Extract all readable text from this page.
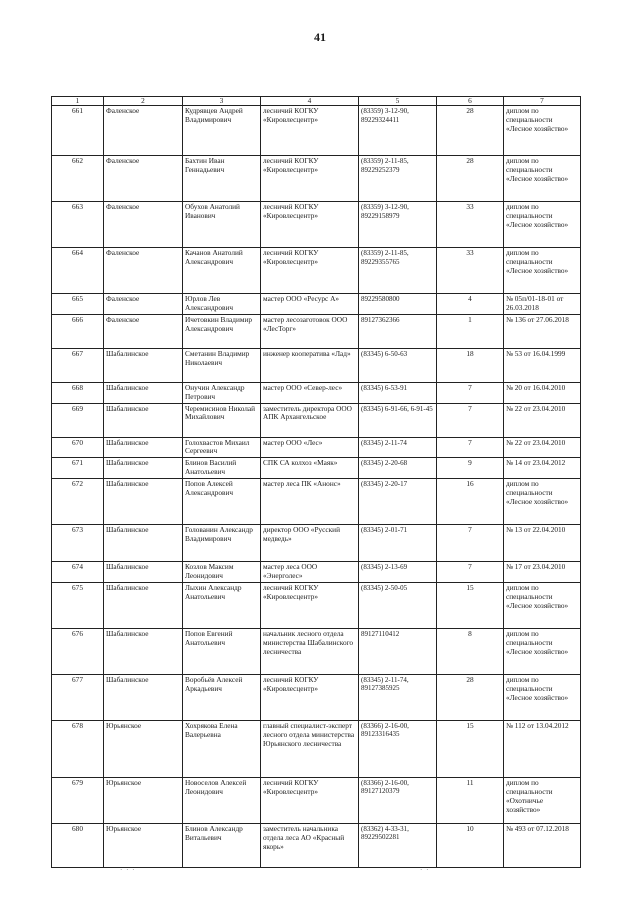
41
1	2	3	4	5	6	7
661	Фаленское	Кудрявцев Андрей Владимирович	лесничий КОГКУ «Кировлесцентр»	(83359) 3-12-90, 89229324411	28	диплом по специальности «Лесное хозяйство»
662	Фаленское	Бахтин Иван Геннадьевич	лесничий КОГКУ «Кировлесцентр»	(83359) 2-11-85, 89229252379	28	диплом по специальности «Лесное хозяйство»
663	Фаленское	Обухов Анатолий Иванович	лесничий КОГКУ «Кировлесцентр»	(83359) 3-12-90, 89229158979	33	диплом по специальности «Лесное хозяйство»
664	Фаленское	Качанов Анатолий Александрович	лесничий КОГКУ «Кировлесцентр»	(83359) 2-11-85, 89229355765	33	диплом по специальности «Лесное хозяйство»
665	Фаленское	Юрлов Лев Александрович	мастер ООО «Ресурс А»	89229580800	4	№ 05п/01-18-01 от 26.03.2018
666	Фаленское	Ичетовкин Владимир Александрович	мастер лесозаготовок ООО «ЛесТорг»	89127362366	1	№ 136 от 27.06.2018
667	Шабалинское	Сметанин Владимир Николаевич	инженер кооператива «Лад»	(83345) 6-50-63	18	№ 53 от 16.04.1999
668	Шабалинское	Онучин Александр Петрович	мастер ООО «Север-лес»	(83345) 6-53-91	7	№ 20 от 16.04.2010
669	Шабалинское	Черемисинов Николай Михайлович	заместитель директора ООО АПК Архангельское	(83345) 6-91-66, 6-91-45	7	№ 22 от 23.04.2010
670	Шабалинское	Голохвастов Михаил Сергеевич	мастер ООО «Лес»	(83345) 2-11-74	7	№ 22 от 23.04.2010
671	Шабалинское	Блинов Василий Анатольевич	СПК СА колхоз «Маяк»	(83345) 2-20-68	9	№ 14 от 23.04.2012
672	Шабалинское	Попов Алексей Александрович	мастер леса ПК «Анонс»	(83345) 2-20-17	16	диплом по специальности «Лесное хозяйство»
673	Шабалинское	Голованин Александр Владимирович	директор ООО «Русский медведь»	(83345) 2-01-71	7	№ 13 от 22.04.2010
674	Шабалинское	Козлов Максим Леонидович	мастер леса ООО «Энерголес»	(83345) 2-13-69	7	№ 17 от 23.04.2010
675	Шабалинское	Лыхин Александр Анатольевич	лесничий КОГКУ «Кировлесцентр»	(83345) 2-50-05	15	диплом по специальности «Лесное хозяйство»
676	Шабалинское	Попов Евгений Анатольевич	начальник лесного отдела министерства Шабалинского лесничества	89127110412	8	диплом по специальности «Лесное хозяйство»
677	Шабалинское	Воробьёв Алексей Аркадьевич	лесничий КОГКУ «Кировлесцентр»	(83345) 2-11-74, 89127385925	28	диплом по специальности «Лесное хозяйство»
678	Юрьянское	Хохрякова Елена Валерьевна	главный специалист-эксперт лесного отдела министерства Юрьянского лесничества	(83366) 2-16-00, 89123316435	15	№ 112 от 13.04.2012
679	Юрьянское	Новоселов Алексей Леонидович	лесничий КОГКУ «Кировлесцентр»	(83366) 2-16-00, 89127120379	11	диплом по специальности «Охотничье хозяйство»
680	Юрьянское	Блинов Александр Витальевич	заместитель начальника отдела леса АО «Красный якорь»	(83362) 4-33-31, 89229502281	10	№ 493 от 07.12.2018
· · ·	· ·
